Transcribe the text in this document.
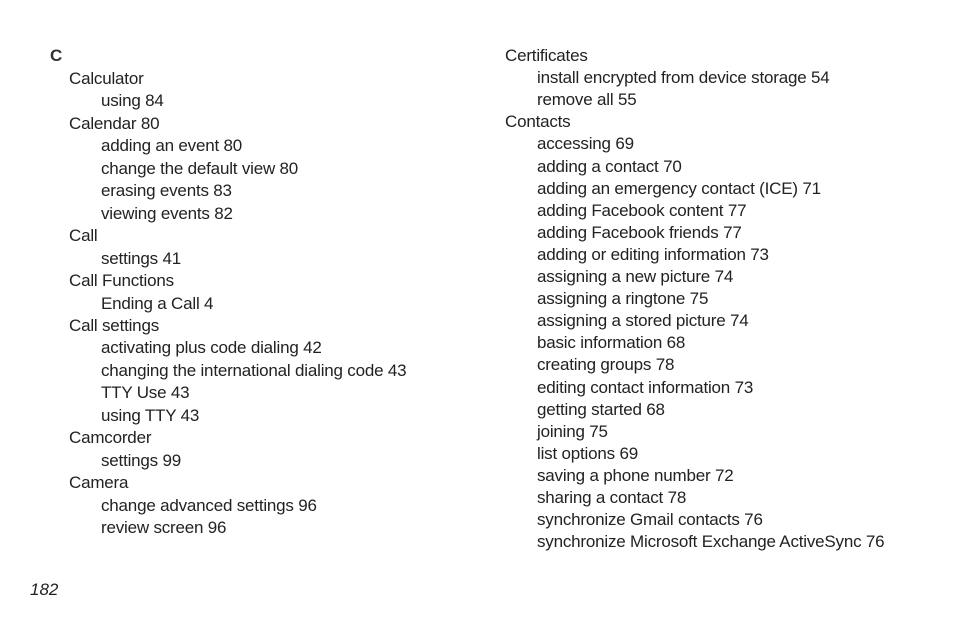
C
Calculator
using 84
Calendar 80
adding an event 80
change the default view 80
erasing events 83
viewing events 82
Call
settings 41
Call Functions
Ending a Call 4
Call settings
activating plus code dialing 42
changing the international dialing code 43
TTY Use 43
using TTY 43
Camcorder
settings 99
Camera
change advanced settings 96
review screen 96
Certificates
install encrypted from device storage 54
remove all 55
Contacts
accessing 69
adding a contact 70
adding an emergency contact (ICE) 71
adding Facebook content 77
adding Facebook friends 77
adding or editing information 73
assigning a new picture 74
assigning a ringtone 75
assigning a stored picture 74
basic information 68
creating groups 78
editing contact information 73
getting started 68
joining 75
list options 69
saving a phone number 72
sharing a contact 78
synchronize Gmail contacts 76
synchronize Microsoft Exchange ActiveSync 76
182
